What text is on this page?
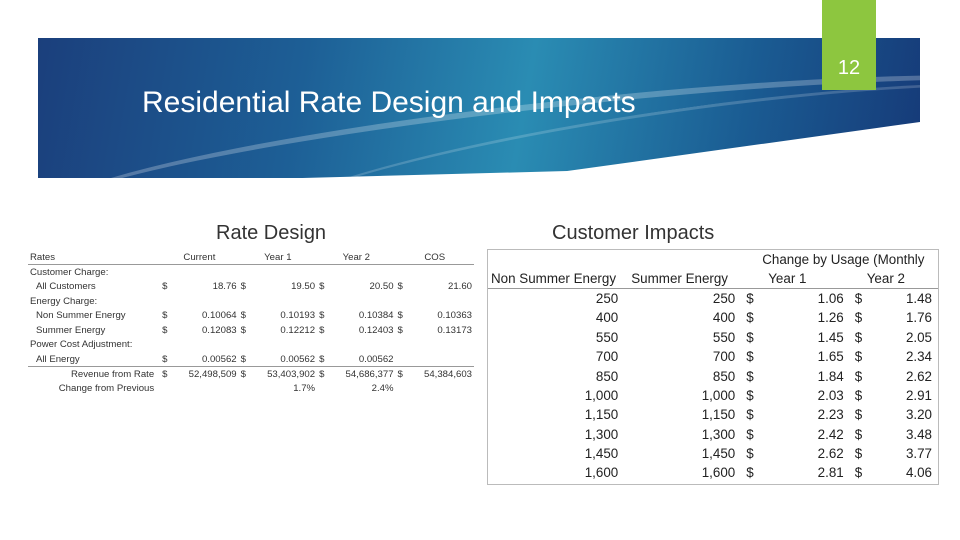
Residential Rate Design and Impacts
12
Rate Design	Customer Impacts
Rates	Current		Year 1		Year 2		COS	
Customer Charge:								
All Customers	$	18.76	$	19.50	$	20.50	$	21.60
Energy Charge:								
Non Summer Energy	$	0.10064	$	0.10193	$	0.10384	$	0.10363
Summer Energy	$	0.12083	$	0.12212	$	0.12403	$	0.13173
Power Cost Adjustment:								
All Energy	$	0.00562	$	0.00562	$	0.00562		
Revenue from Rate	$	52,498,509	$	53,403,902	$	54,686,377	$	54,384,603
Change from Previous				1.7%		2.4%		
		Change by Usage (Monthly			
Non Summer Energy	Summer Energy	Year 1		Year 2	
250	250	$	1.06	$	1.48
400	400	$	1.26	$	1.76
550	550	$	1.45	$	2.05
700	700	$	1.65	$	2.34
850	850	$	1.84	$	2.62
1,000	1,000	$	2.03	$	2.91
1,150	1,150	$	2.23	$	3.20
1,300	1,300	$	2.42	$	3.48
1,450	1,450	$	2.62	$	3.77
1,600	1,600	$	2.81	$	4.06
